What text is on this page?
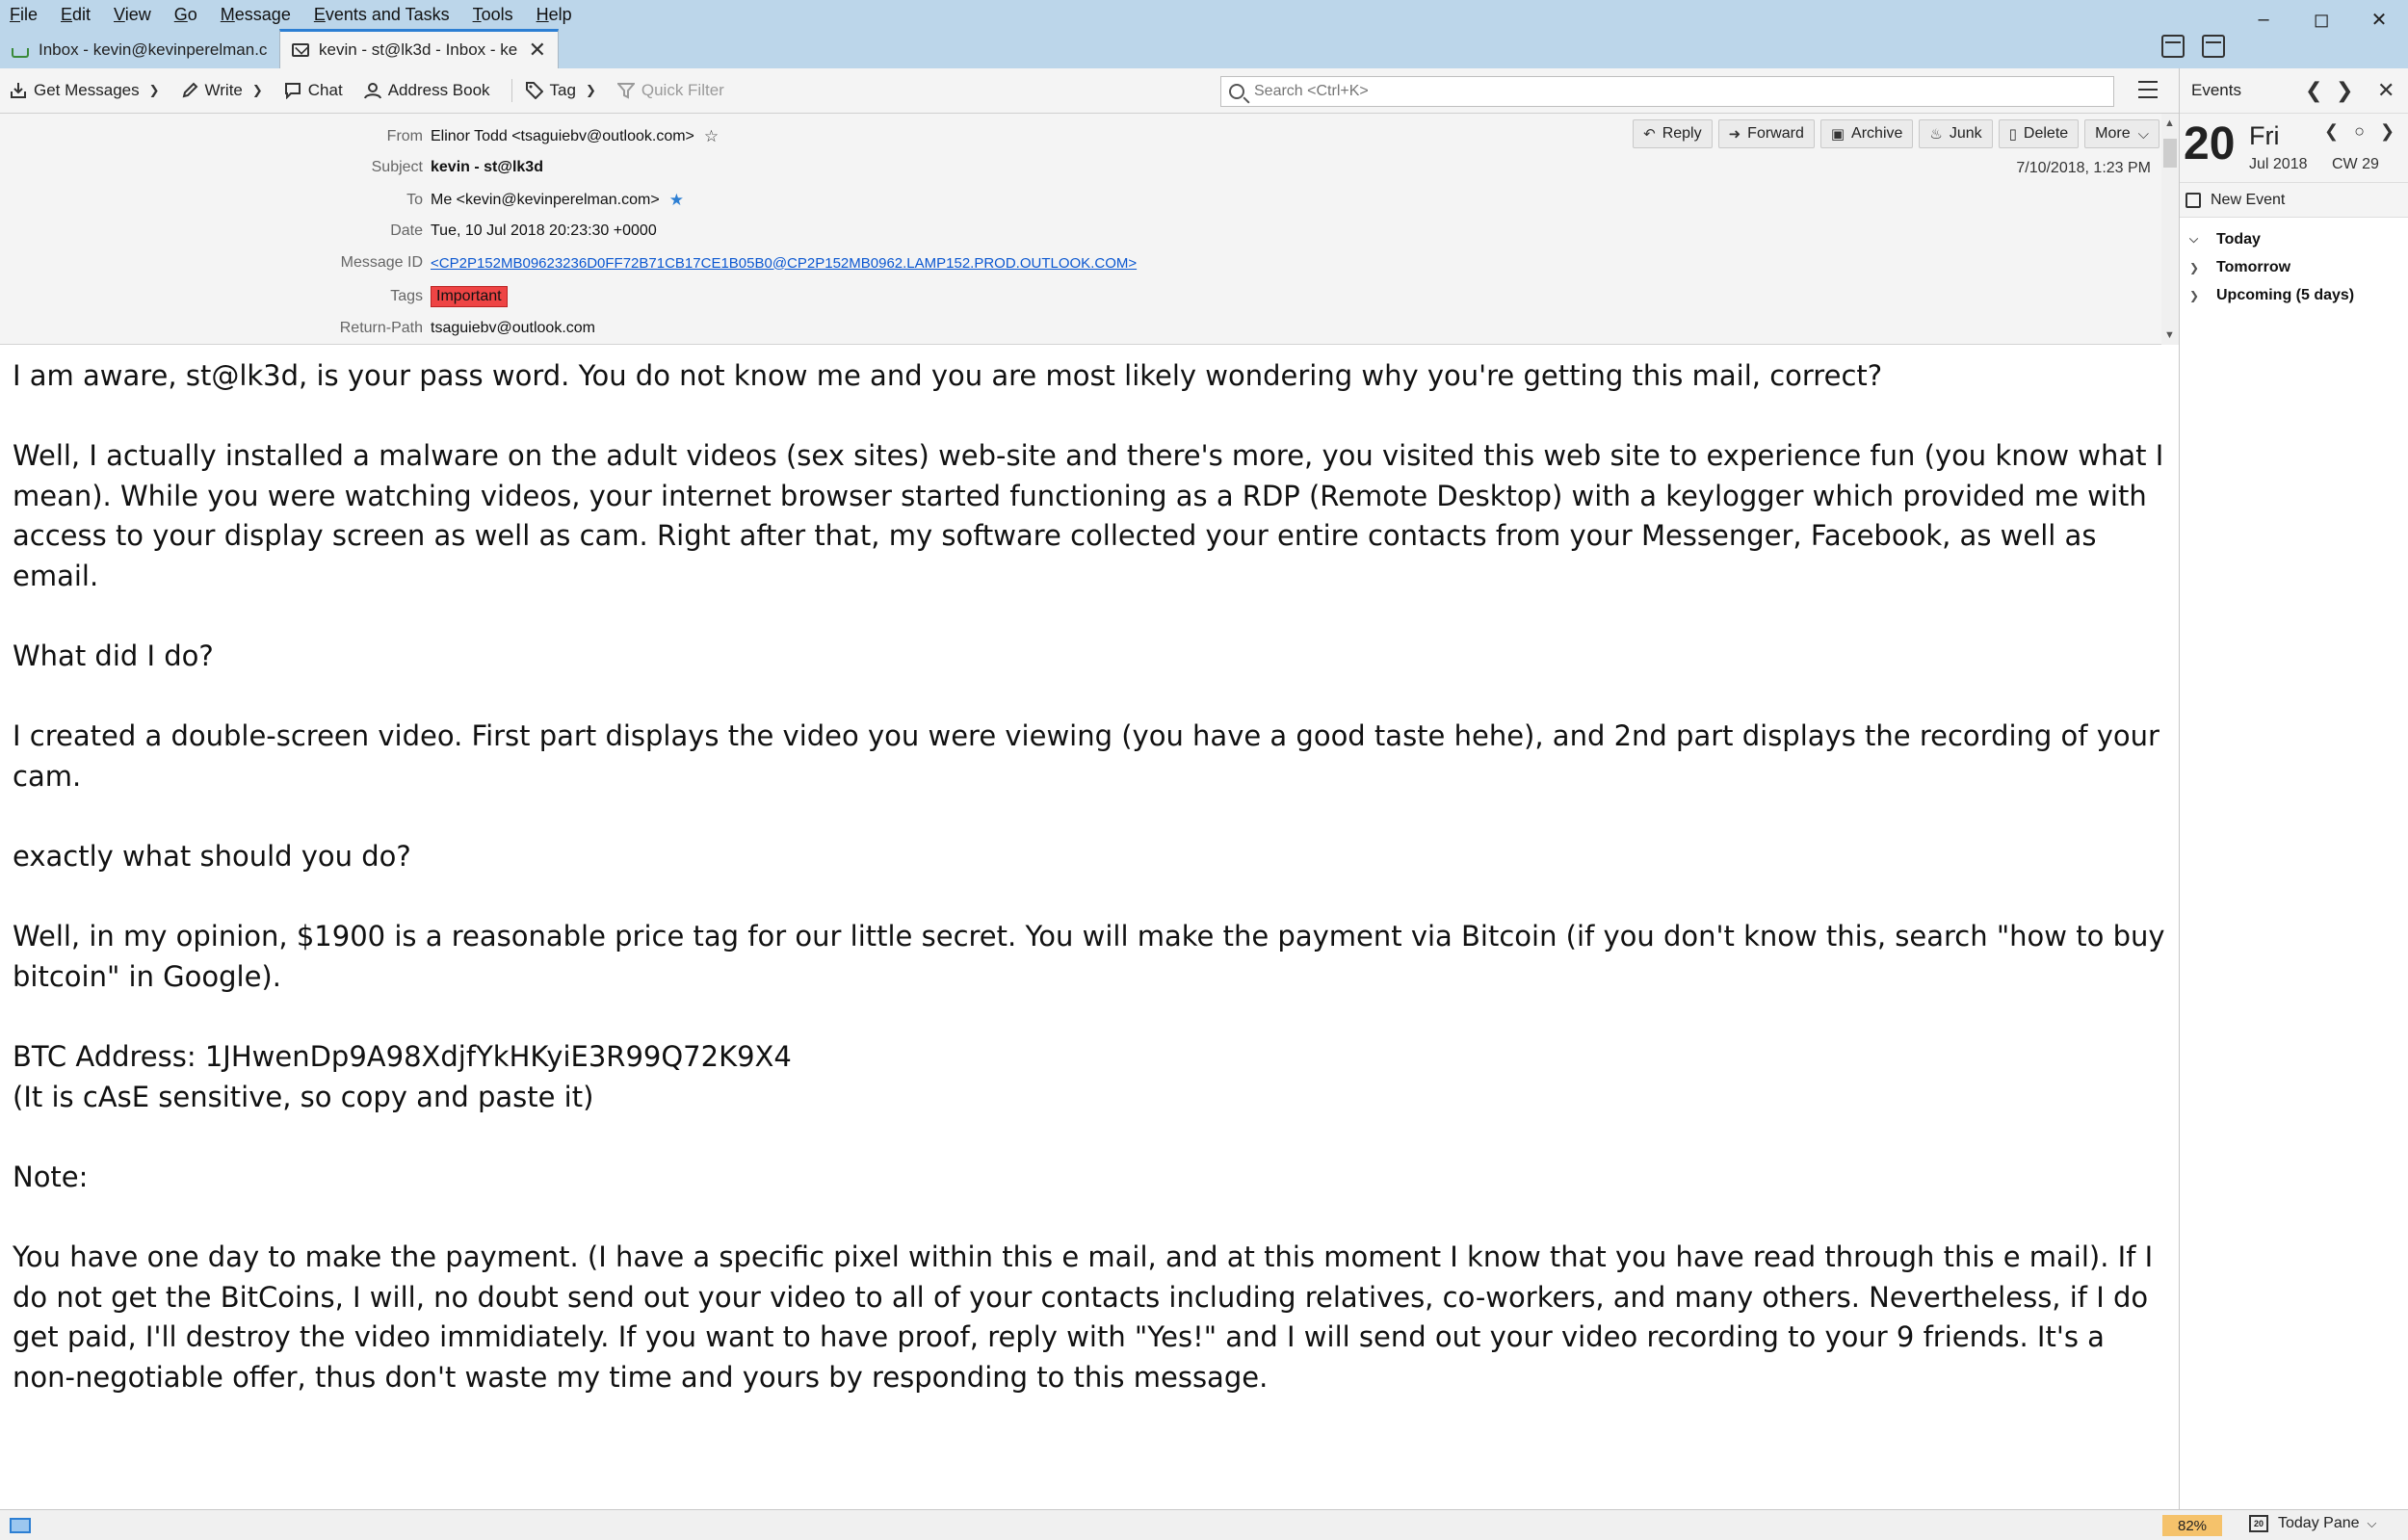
File Edit View Go Message Events and Tasks Tools Help	–	◻	✕
Inbox - kevin@kevinperelman.c	kevin - st@lk3d - Inbox - ke ✕
Get Messages ❯	Write ❯	Chat	Address Book	Tag ❯	Quick Filter
Search <Ctrl+K>
From Elinor Todd <tsaguiebv@outlook.com> ☆
Subject kevin - st@lk3d
To Me <kevin@kevinperelman.com> ★
Date Tue, 10 Jul 2018 20:23:30 +0000
Message ID <CP2P152MB09623236D0FF72B71CB17CE1B05B0@CP2P152MB0962.LAMP152.PROD.OUTLOOK.COM>
Tags Important
Return-Path tsaguiebv@outlook.com
↶ Reply ➜ Forward ▣ Archive ♨ Junk ▯ Delete More ⌵
7/10/2018, 1:23 PM
▲
▼

I am aware, st@lk3d, is your pass word. You do not know me and you are most likely wondering why you're getting this mail, correct?

Well, I actually installed a malware on the adult videos (sex sites) web-site and there's more, you visited this web site to experience fun (you know what I mean). While you were watching videos, your internet browser started functioning as a RDP (Remote Desktop) with a keylogger which provided me with access to your display screen as well as cam. Right after that, my software collected your entire contacts from your Messenger, Facebook, as well as email.

What did I do?

I created a double-screen video. First part displays the video you were viewing (you have a good taste hehe), and 2nd part displays the recording of your cam.

exactly what should you do?

Well, in my opinion, $1900 is a reasonable price tag for our little secret. You will make the payment via Bitcoin (if you don't know this, search "how to buy bitcoin" in Google).

BTC Address: 1JHwenDp9A98XdjfYkHKyiE3R99Q72K9X4

(It is cAsE sensitive, so copy and paste it)

Note:

You have one day to make the payment. (I have a specific pixel within this e mail, and at this moment I know that you have read through this e mail). If I do not get the BitCoins, I will, no doubt send out your video to all of your contacts including relatives, co-workers, and many others. Nevertheless, if I do get paid, I'll destroy the video immidiately. If you want to have proof, reply with "Yes!" and I will send out your video recording to your 9 friends. It's a non-negotiable offer, thus don't waste my time and yours by responding to this message.

Events	❮ ❯ ✕
20 Fri	❮ ○ ❯
Jul 2018 CW 29
New Event
⌵	Today
❯ Tomorrow
❯ Upcoming (5 days)
82%	20 Today Pane ⌵
